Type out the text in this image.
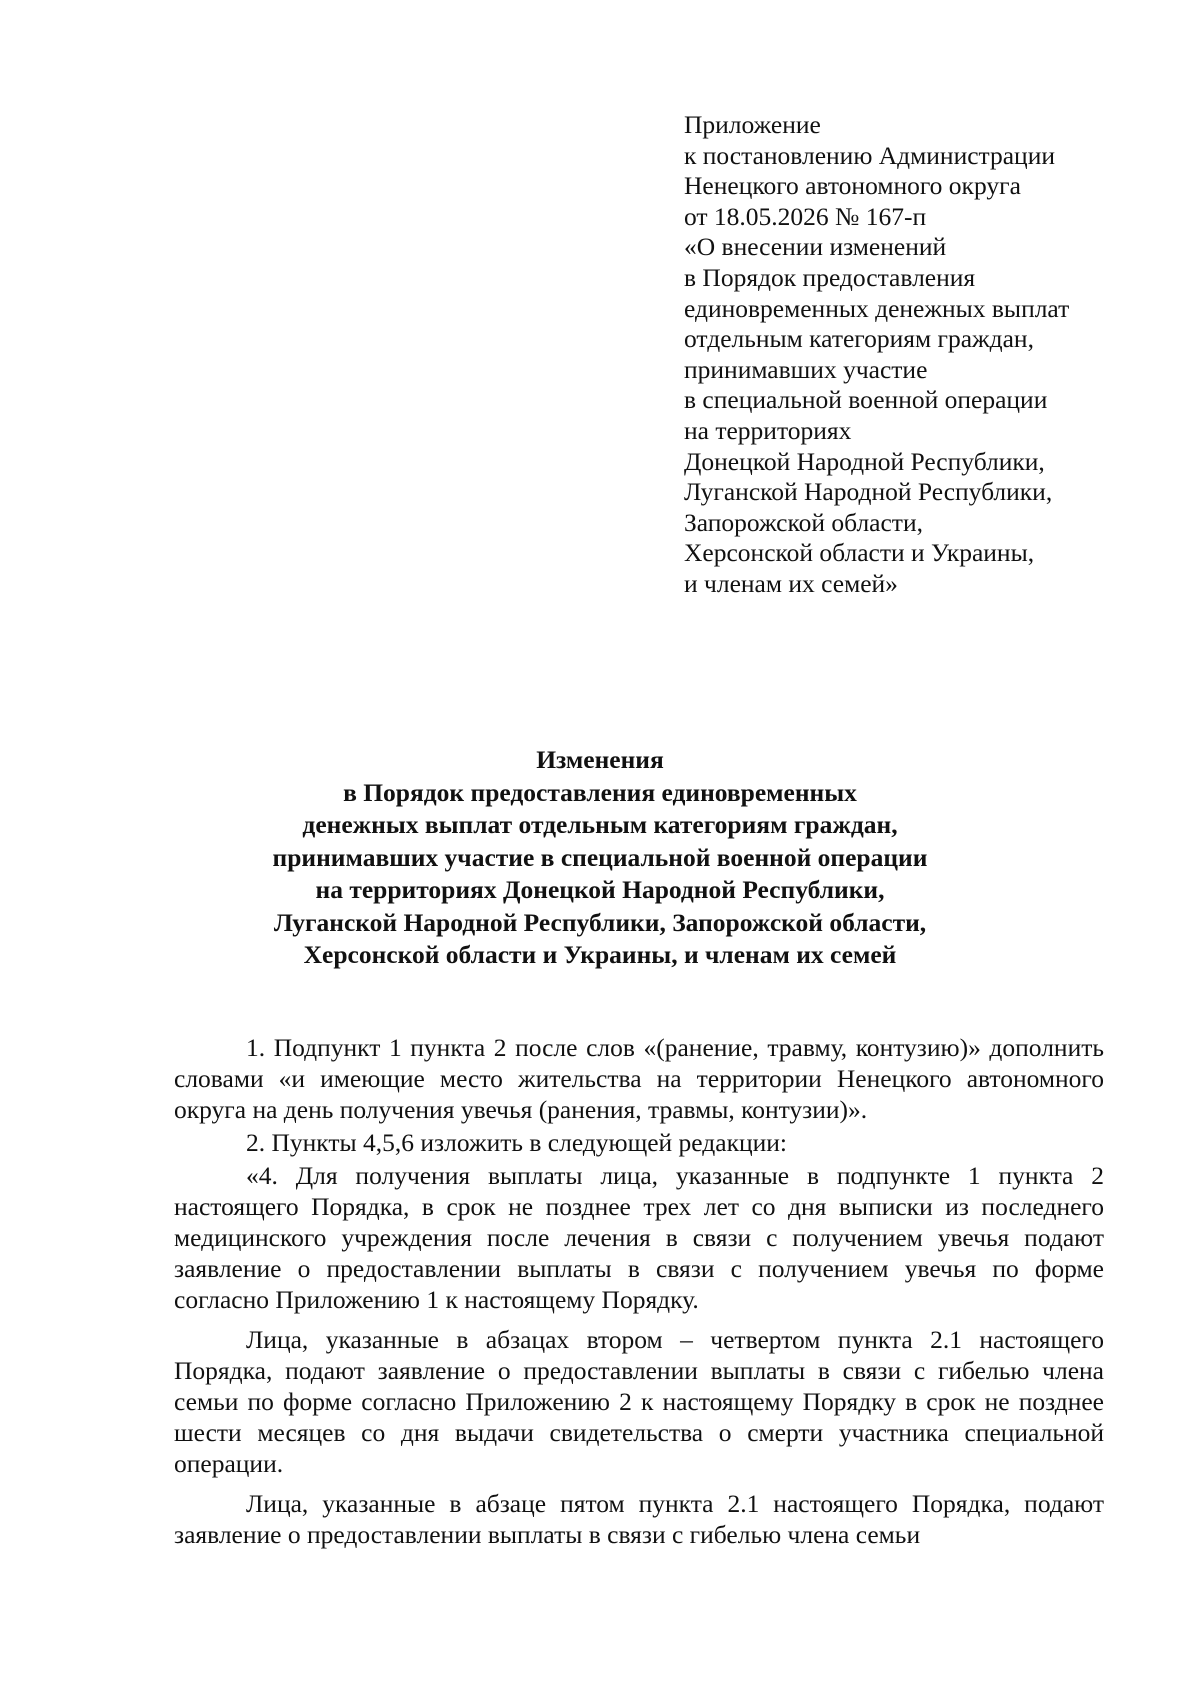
Приложение
к постановлению Администрации
Ненецкого автономного округа
от 18.05.2026 № 167-п
«О внесении изменений
в Порядок предоставления
единовременных денежных выплат
отдельным категориям граждан,
принимавших участие
в специальной военной операции
на территориях
Донецкой Народной Республики,
Луганской Народной Республики,
Запорожской области,
Херсонской области и Украины,
и членам их семей»
Изменения
в Порядок предоставления единовременных
денежных выплат отдельным категориям граждан,
принимавших участие в специальной военной операции
на территориях Донецкой Народной Республики,
Луганской Народной Республики, Запорожской области,
Херсонской области и Украины, и членам их семей

1. Подпункт 1 пункта 2 после слов «(ранение, травму, контузию)» дополнить словами «и имеющие место жительства на территории Ненецкого автономного округа на день получения увечья (ранения, травмы, контузии)».

2. Пункты 4,5,6 изложить в следующей редакции:

«4. Для получения выплаты лица, указанные в подпункте 1 пункта 2 настоящего Порядка, в срок не позднее трех лет со дня выписки из последнего медицинского учреждения после лечения в связи с получением увечья подают заявление о предоставлении выплаты в связи с получением увечья по форме согласно Приложению 1 к настоящему Порядку.

Лица, указанные в абзацах втором – четвертом пункта 2.1 настоящего Порядка, подают заявление о предоставлении выплаты в связи с гибелью члена семьи по форме согласно Приложению 2 к настоящему Порядку в срок не позднее шести месяцев со дня выдачи свидетельства о смерти участника специальной операции.

Лица, указанные в абзаце пятом пункта 2.1 настоящего Порядка, подают заявление о предоставлении выплаты в связи с гибелью члена семьи
